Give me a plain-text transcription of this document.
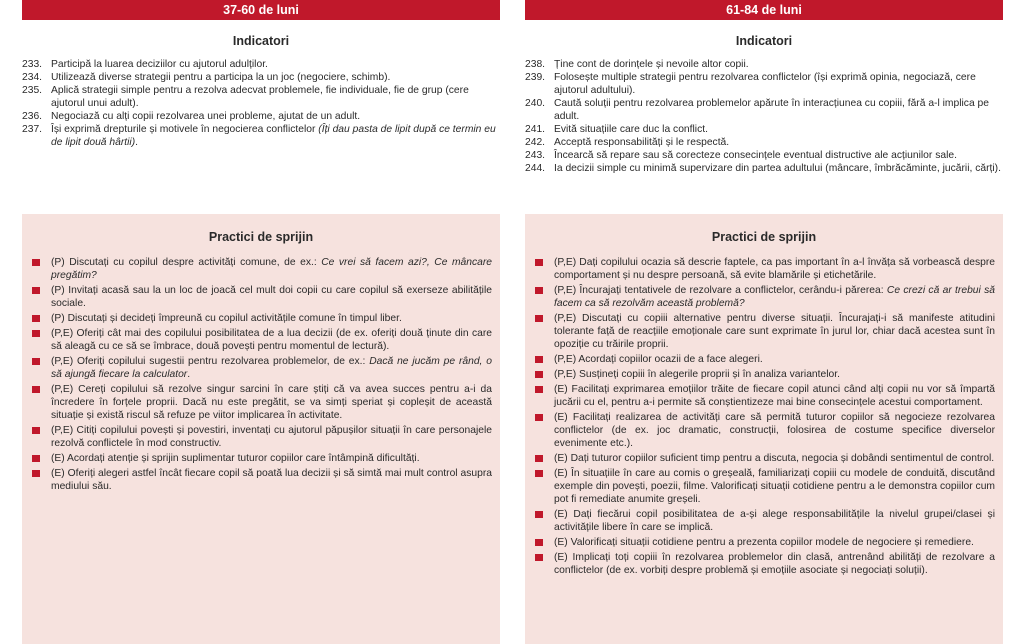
37-60 de luni
Indicatori
233. Participă la luarea deciziilor cu ajutorul adulților.
234. Utilizează diverse strategii pentru a participa la un joc (negociere, schimb).
235. Aplică strategii simple pentru a rezolva adecvat problemele, fie individuale, fie de grup (cere ajutorul unui adult).
236. Negociază cu alți copii rezolvarea unei probleme, ajutat de un adult.
237. Își exprimă drepturile și motivele în negocierea conflictelor (Îți dau pasta de lipit după ce termin eu de lipit două hârtii).
Practici de sprijin
(P) Discutați cu copilul despre activități comune, de ex.: Ce vrei să facem azi?, Ce mâncare pregătim?
(P) Invitați acasă sau la un loc de joacă cel mult doi copii cu care copilul să exerseze abilitățile sociale.
(P) Discutați și decideți împreună cu copilul activitățile comune în timpul liber.
(P,E) Oferiți cât mai des copilului posibilitatea de a lua decizii (de ex. oferiți două ținute din care să aleagă cu ce să se îmbrace, două povești pentru momentul de lectură).
(P,E) Oferiți copilului sugestii pentru rezolvarea problemelor, de ex.: Dacă ne jucăm pe rând, o să ajungă fiecare la calculator.
(P,E) Cereți copilului să rezolve singur sarcini în care știți că va avea succes pentru a-i da încredere în forțele proprii. Dacă nu este pregătit, se va simți speriat și copleșit de această situație și există riscul să refuze pe viitor implicarea în activitate.
(P,E) Citiți copilului povești și povestiri, inventați cu ajutorul păpușilor situații în care personajele rezolvă conflictele în mod constructiv.
(E) Acordați atenție și sprijin suplimentar tuturor copiilor care întâmpină dificultăți.
(E) Oferiți alegeri astfel încât fiecare copil să poată lua decizii și să simtă mai mult control asupra mediului său.
61-84 de luni
Indicatori
238. Ține cont de dorințele și nevoile altor copii.
239. Folosește multiple strategii pentru rezolvarea conflictelor (își exprimă opinia, negociază, cere ajutorul adultului).
240. Caută soluții pentru rezolvarea problemelor apărute în interacțiunea cu copiii, fără a-l implica pe adult.
241. Evită situațiile care duc la conflict.
242. Acceptă responsabilități și le respectă.
243. Încearcă să repare sau să corecteze consecințele eventual distructive ale acțiunilor sale.
244. Ia decizii simple cu minimă supervizare din partea adultului (mâncare, îmbrăcăminte, jucării, cărți).
Practici de sprijin
(P,E) Dați copilului ocazia să descrie faptele, ca pas important în a-l învăța să vorbească despre comportament și nu despre persoană, să evite blamările și etichetările.
(P,E) Încurajați tentativele de rezolvare a conflictelor, cerându-i părerea: Ce crezi că ar trebui să facem ca să rezolvăm această problemă?
(P,E) Discutați cu copiii alternative pentru diverse situații. Încurajați-i să manifeste atitudini tolerante față de reacțiile emoționale care sunt exprimate în jurul lor, chiar dacă acestea sunt în opoziție cu trăirile proprii.
(P,E) Acordați copiilor ocazii de a face alegeri.
(P,E) Susțineți copiii în alegerile proprii și în analiza variantelor.
(E) Facilitați exprimarea emoțiilor trăite de fiecare copil atunci când alți copii nu vor să împartă jucării cu el, pentru a-i permite să conștientizeze mai bine consecințele acestui comportament.
(E) Facilitați realizarea de activități care să permită tuturor copiilor să negocieze rezolvarea conflictelor (de ex. joc dramatic, construcții, folosirea de costume specifice diverselor evenimente etc.).
(E) Dați tuturor copiilor suficient timp pentru a discuta, negocia și dobândi sentimentul de control.
(E) În situațiile în care au comis o greșeală, familiarizați copiii cu modele de conduită, discutând exemple din povești, poezii, filme. Valorificați situații cotidiene pentru a le demonstra copiilor cum pot fi remediate anumite greșeli.
(E) Dați fiecărui copil posibilitatea de a-și alege responsabilitățile la nivelul grupei/clasei și activitățile libere în care se implică.
(E) Valorificați situații cotidiene pentru a prezenta copiilor modele de negociere și remediere.
(E) Implicați toți copiii în rezolvarea problemelor din clasă, antrenând abilități de rezolvare a conflictelor (de ex. vorbiți despre problemă și emoțiile asociate și negociați soluții).
